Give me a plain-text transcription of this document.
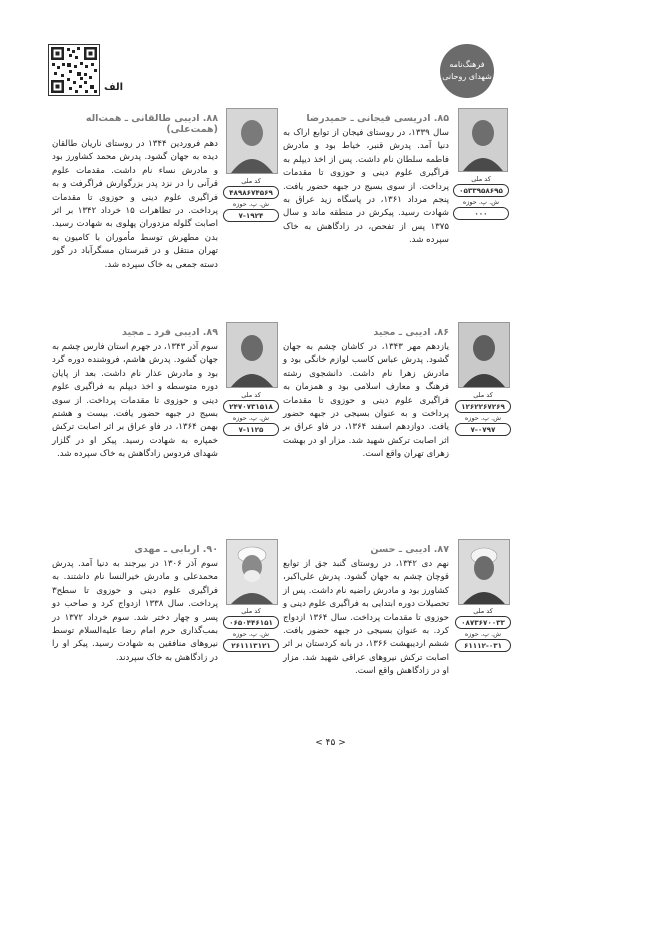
الف
فرهنگ‌نامه
شهدای روحانی
کد ملی
۰۵۳۳۹۵۸۶۹۵
ش. پ. حوزه
۰۰۰

۸۵. ادریسی فیجانی ـ حمیدرضا

سال ۱۳۳۹، در روستای فیجان از توابع اراک به دنیا آمد. پدرش قنبر، خیاط بود و مادرش فاطمه سلطان نام داشت. پس از اخذ دیپلم به فراگیری علوم دینی و حوزوی تا مقدمات پرداخت. از سوی بسیج در جبهه حضور یافت. پنجم مرداد ۱۳۶۱، در پاسگاه زید عراق به شهادت رسید. پیکرش در منطقه ماند و سال ۱۳۷۵ پس از تفحص، در زادگاهش به خاک سپرده شد.

کد ملی
۴۸۹۸۶۷۴۵۶۹
ش. پ. حوزه
۷-۱۹۲۴

۸۸. ادیبی طالقانی ـ همت‌اله (همت‌علی)

دهم فروردین ۱۳۴۴ در روستای ناریان طالقان دیده به جهان گشود. پدرش محمد کشاورز بود و مادرش نساء نام داشت. مقدمات علوم قرآنی را در نزد پدر بزرگوارش فراگرفت و به فراگیری علوم دینی و حوزوی تا مقدمات پرداخت. در تظاهرات ۱۵ خرداد ۱۳۴۲ بر اثر اصابت گلوله مزدوران پهلوی به شهادت رسید. بدن مطهرش توسط مأموران با کامیون به تهران منتقل و در قبرستان مسگرآباد در گور دسته جمعی به خاک سپرده شد.

کد ملی
۱۲۶۲۲۶۷۲۶۹
ش. پ. حوزه
۷-۰۷۹۷

۸۶. ادیبی ـ مجید

یازدهم مهر ۱۳۴۳، در کاشان چشم به جهان گشود. پدرش عباس کاسب لوازم خانگی بود و مادرش زهرا نام داشت. دانشجوی رشته فرهنگ و معارف اسلامی بود و همزمان به فراگیری علوم دینی و حوزوی تا مقدمات پرداخت و به عنوان بسیجی در جبهه حضور یافت. دوازدهم اسفند ۱۳۶۴، در فاو عراق بر اثر اصابت ترکش شهید شد. مزار او در بهشت زهرای تهران واقع است.

کد ملی
۲۴۷۰۷۳۱۵۱۸
ش. پ. حوزه
۷-۱۱۲۵

۸۹. ادیبی فرد ـ مجید

سوم آذر ۱۳۴۳، در جهرم استان فارس چشم به جهان گشود. پدرش هاشم، فروشنده دوره گرد بود و مادرش عذار نام داشت. بعد از پایان دوره متوسطه و اخذ دیپلم به فراگیری علوم دینی و حوزوی تا مقدمات پرداخت. از سوی بسیج در جبهه حضور یافت. بیست و هشتم بهمن ۱۳۶۴، در فاو عراق بر اثر اصابت ترکش خمپاره به شهادت رسید. پیکر او در گلزار شهدای فردوس زادگاهش به خاک سپرده شد.

کد ملی
۰۸۷۳۶۷۰۰۳۳
ش. پ. حوزه
۶۱۱۱۲-۰۳۱

۸۷. ادیبی ـ حسن

نهم دی ۱۳۴۲، در روستای گنبد جق از توابع قوچان چشم به جهان گشود. پدرش علی‌اکبر، کشاورز بود و مادرش راضیه نام داشت. پس از تحصیلات دوره ابتدایی به فراگیری علوم دینی و حوزوی تا مقدمات پرداخت. سال ۱۳۶۴ ازدواج کرد. به عنوان بسیجی در جبهه حضور یافت. ششم اردیبهشت ۱۳۶۶، در بانه کردستان بر اثر اصابت ترکش نیروهای عراقی شهید شد. مزار او در زادگاهش واقع است.

کد ملی
۰۶۵۰۴۴۶۱۵۱
ش. پ. حوزه
۲۶۱۱۱۳۱۲۱

۹۰. اربابی ـ مهدی

سوم آذر ۱۳۰۶ در بیرجند به دنیا آمد. پدرش محمدعلی و مادرش خیرالنسا نام داشتند. به فراگیری علوم دینی و حوزوی تا سطح۳ پرداخت. سال ۱۳۳۸ ازدواج کرد و صاحب دو پسر و چهار دختر شد. سوم خرداد ۱۳۷۲ در بمب‌گذاری حرم امام رضا علیه‌السلام توسط نیروهای منافقین به شهادت رسید. پیکر او را در زادگاهش به خاک سپردند.

< ۴۵ >
